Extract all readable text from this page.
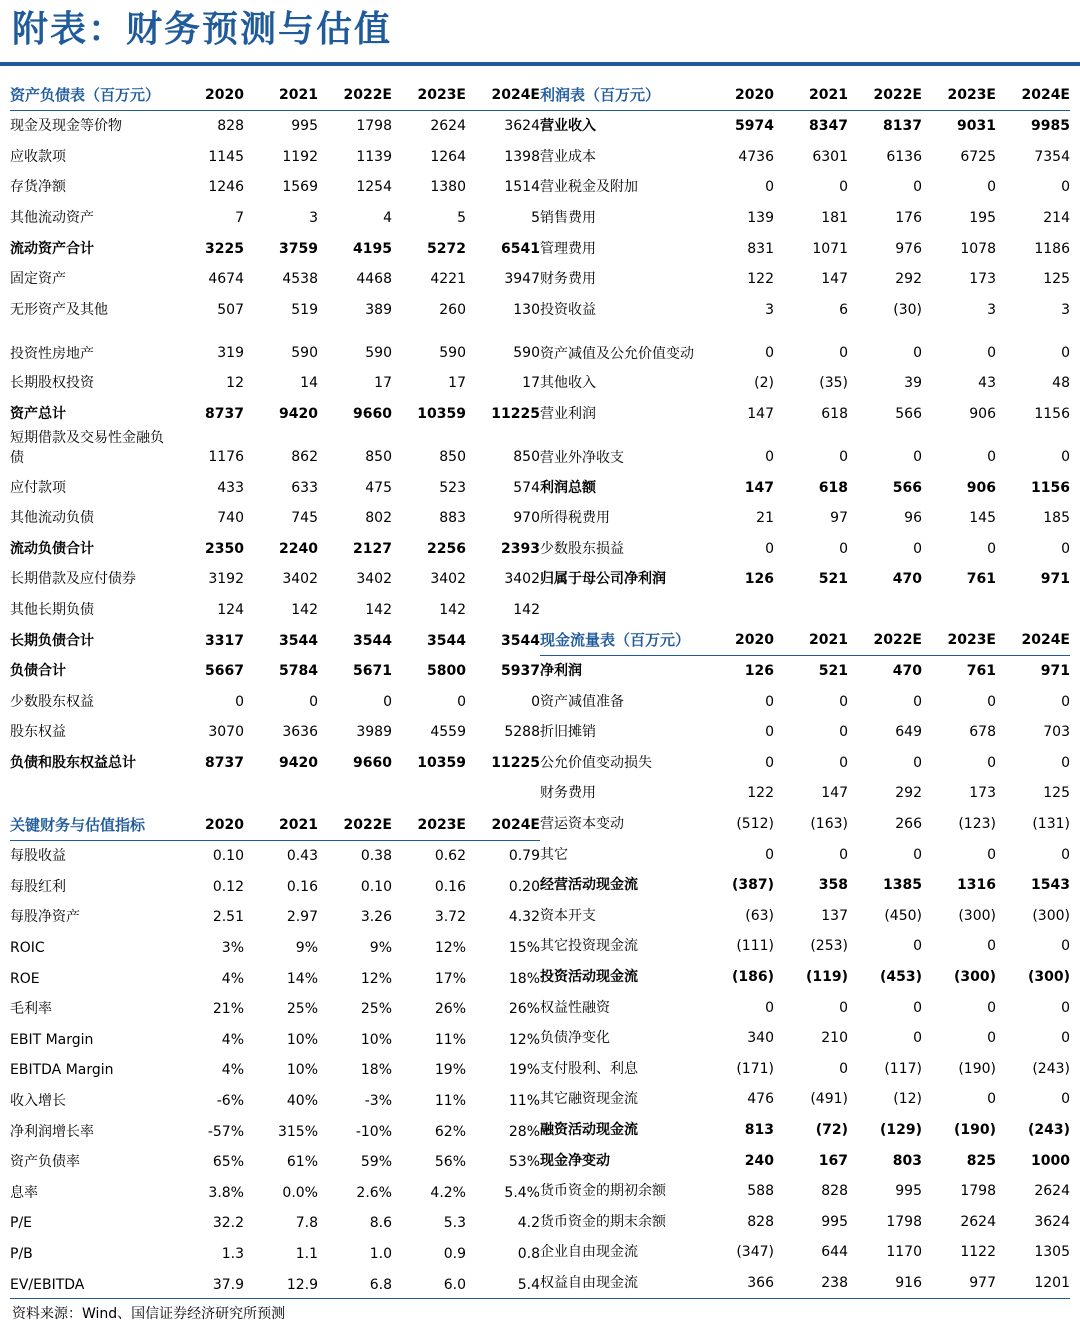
附表：财务预测与估值
资产负债表（百万元）	2020	2021	2022E	2023E	2024E
现金及现金等价物	828	995	1798	2624	3624
应收款项	1145	1192	1139	1264	1398
存货净额	1246	1569	1254	1380	1514
其他流动资产	7	3	4	5	5
流动资产合计	3225	3759	4195	5272	6541
固定资产	4674	4538	4468	4221	3947
无形资产及其他	507	519	389	260	130
投资性房地产	319	590	590	590	590
长期股权投资	12	14	17	17	17
资产总计	8737	9420	9660	10359	11225
短期借款及交易性金融负债	1176	862	850	850	850
应付款项	433	633	475	523	574
其他流动负债	740	745	802	883	970
流动负债合计	2350	2240	2127	2256	2393
长期借款及应付债券	3192	3402	3402	3402	3402
其他长期负债	124	142	142	142	142
长期负债合计	3317	3544	3544	3544	3544
负债合计	5667	5784	5671	5800	5937
少数股东权益	0	0	0	0	0
股东权益	3070	3636	3989	4559	5288
负债和股东权益总计	8737	9420	9660	10359	11225
关键财务与估值指标	2020	2021	2022E	2023E	2024E
每股收益	0.10	0.43	0.38	0.62	0.79
每股红利	0.12	0.16	0.10	0.16	0.20
每股净资产	2.51	2.97	3.26	3.72	4.32
ROIC	3%	9%	9%	12%	15%
ROE	4%	14%	12%	17%	18%
毛利率	21%	25%	25%	26%	26%
EBIT Margin	4%	10%	10%	11%	12%
EBITDA Margin	4%	10%	18%	19%	19%
收入增长	-6%	40%	-3%	11%	11%
净利润增长率	-57%	315%	-10%	62%	28%
资产负债率	65%	61%	59%	56%	53%
息率	3.8%	0.0%	2.6%	4.2%	5.4%
P/E	32.2	7.8	8.6	5.3	4.2
P/B	1.3	1.1	1.0	0.9	0.8
EV/EBITDA	37.9	12.9	6.8	6.0	5.4
利润表（百万元）	2020	2021	2022E	2023E	2024E
营业收入	5974	8347	8137	9031	9985
营业成本	4736	6301	6136	6725	7354
营业税金及附加	0	0	0	0	0
销售费用	139	181	176	195	214
管理费用	831	1071	976	1078	1186
财务费用	122	147	292	173	125
投资收益	3	6	(30)	3	3
资产减值及公允价值变动	0	0	0	0	0
其他收入	(2)	(35)	39	43	48
营业利润	147	618	566	906	1156
营业外净收支	0	0	0	0	0
利润总额	147	618	566	906	1156
所得税费用	21	97	96	145	185
少数股东损益	0	0	0	0	0
归属于母公司净利润	126	521	470	761	971
现金流量表（百万元）	2020	2021	2022E	2023E	2024E
净利润	126	521	470	761	971
资产减值准备	0	0	0	0	0
折旧摊销	0	0	649	678	703
公允价值变动损失	0	0	0	0	0
财务费用	122	147	292	173	125
营运资本变动	(512)	(163)	266	(123)	(131)
其它	0	0	0	0	0
经营活动现金流	(387)	358	1385	1316	1543
资本开支	(63)	137	(450)	(300)	(300)
其它投资现金流	(111)	(253)	0	0	0
投资活动现金流	(186)	(119)	(453)	(300)	(300)
权益性融资	0	0	0	0	0
负债净变化	340	210	0	0	0
支付股利、利息	(171)	0	(117)	(190)	(243)
其它融资现金流	476	(491)	(12)	0	0
融资活动现金流	813	(72)	(129)	(190)	(243)
现金净变动	240	167	803	825	1000
货币资金的期初余额	588	828	995	1798	2624
货币资金的期末余额	828	995	1798	2624	3624
企业自由现金流	(347)	644	1170	1122	1305
权益自由现金流	366	238	916	977	1201
资料来源：Wind、国信证券经济研究所预测
